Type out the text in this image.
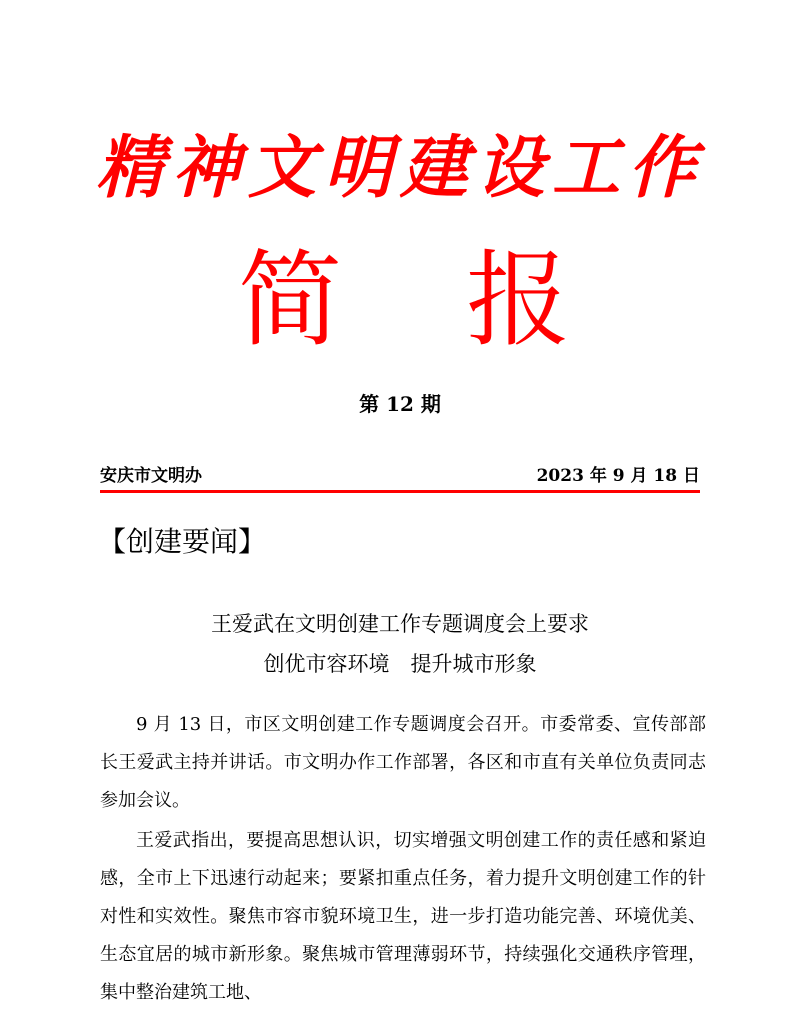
精神文明建设工作
简 报
第 12 期
安庆市文明办	2023 年 9 月 18 日
【创建要闻】
王爱武在文明创建工作专题调度会上要求
创优市容环境　提升城市形象

9 月 13 日，市区文明创建工作专题调度会召开。市委常委、宣传部部长王爱武主持并讲话。市文明办作工作部署，各区和市直有关单位负责同志参加会议。

王爱武指出，要提高思想认识，切实增强文明创建工作的责任感和紧迫感，全市上下迅速行动起来；要紧扣重点任务，着力提升文明创建工作的针对性和实效性。聚焦市容市貌环境卫生，进一步打造功能完善、环境优美、生态宜居的城市新形象。聚焦城市管理薄弱环节，持续强化交通秩序管理，集中整治建筑工地、
